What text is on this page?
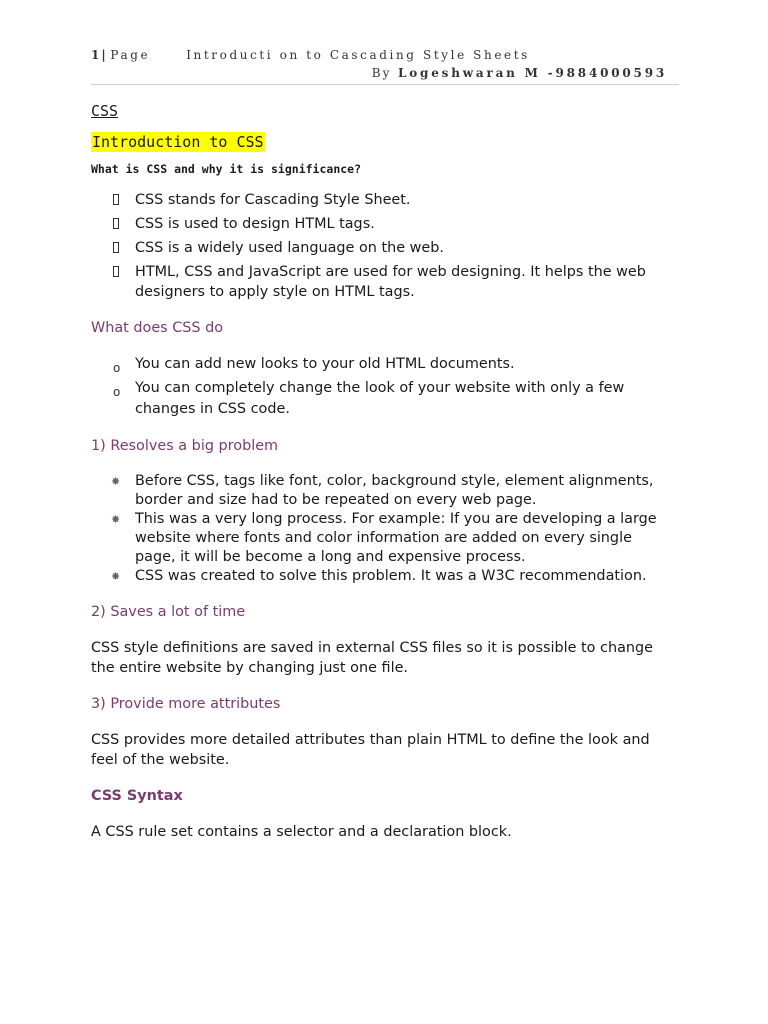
1 | Page	Introducti on to Cascading Style Sheets
By Logeshwaran M -9884000593
CSS
Introduction to CSS
What is CSS and why it is significance?
CSS stands for Cascading Style Sheet.
CSS is used to design HTML tags.
CSS is a widely used language on the web.
HTML, CSS and JavaScript are used for web designing. It helps the web designers to apply style on HTML tags.
What does CSS do
o You can add new looks to your old HTML documents.
o You can completely change the look of your website with only a few changes in CSS code.
1) Resolves a big problem
✸ Before CSS, tags like font, color, background style, element alignments, border and size had to be repeated on every web page.
✸ This was a very long process. For example: If you are developing a large website where fonts and color information are added on every single page, it will be become a long and expensive process.
✸ CSS was created to solve this problem. It was a W3C recommendation.
2) Saves a lot of time

CSS style definitions are saved in external CSS files so it is possible to change the entire website by changing just one file.

3) Provide more attributes

CSS provides more detailed attributes than plain HTML to define the look and feel of the website.

CSS Syntax

A CSS rule set contains a selector and a declaration block.
